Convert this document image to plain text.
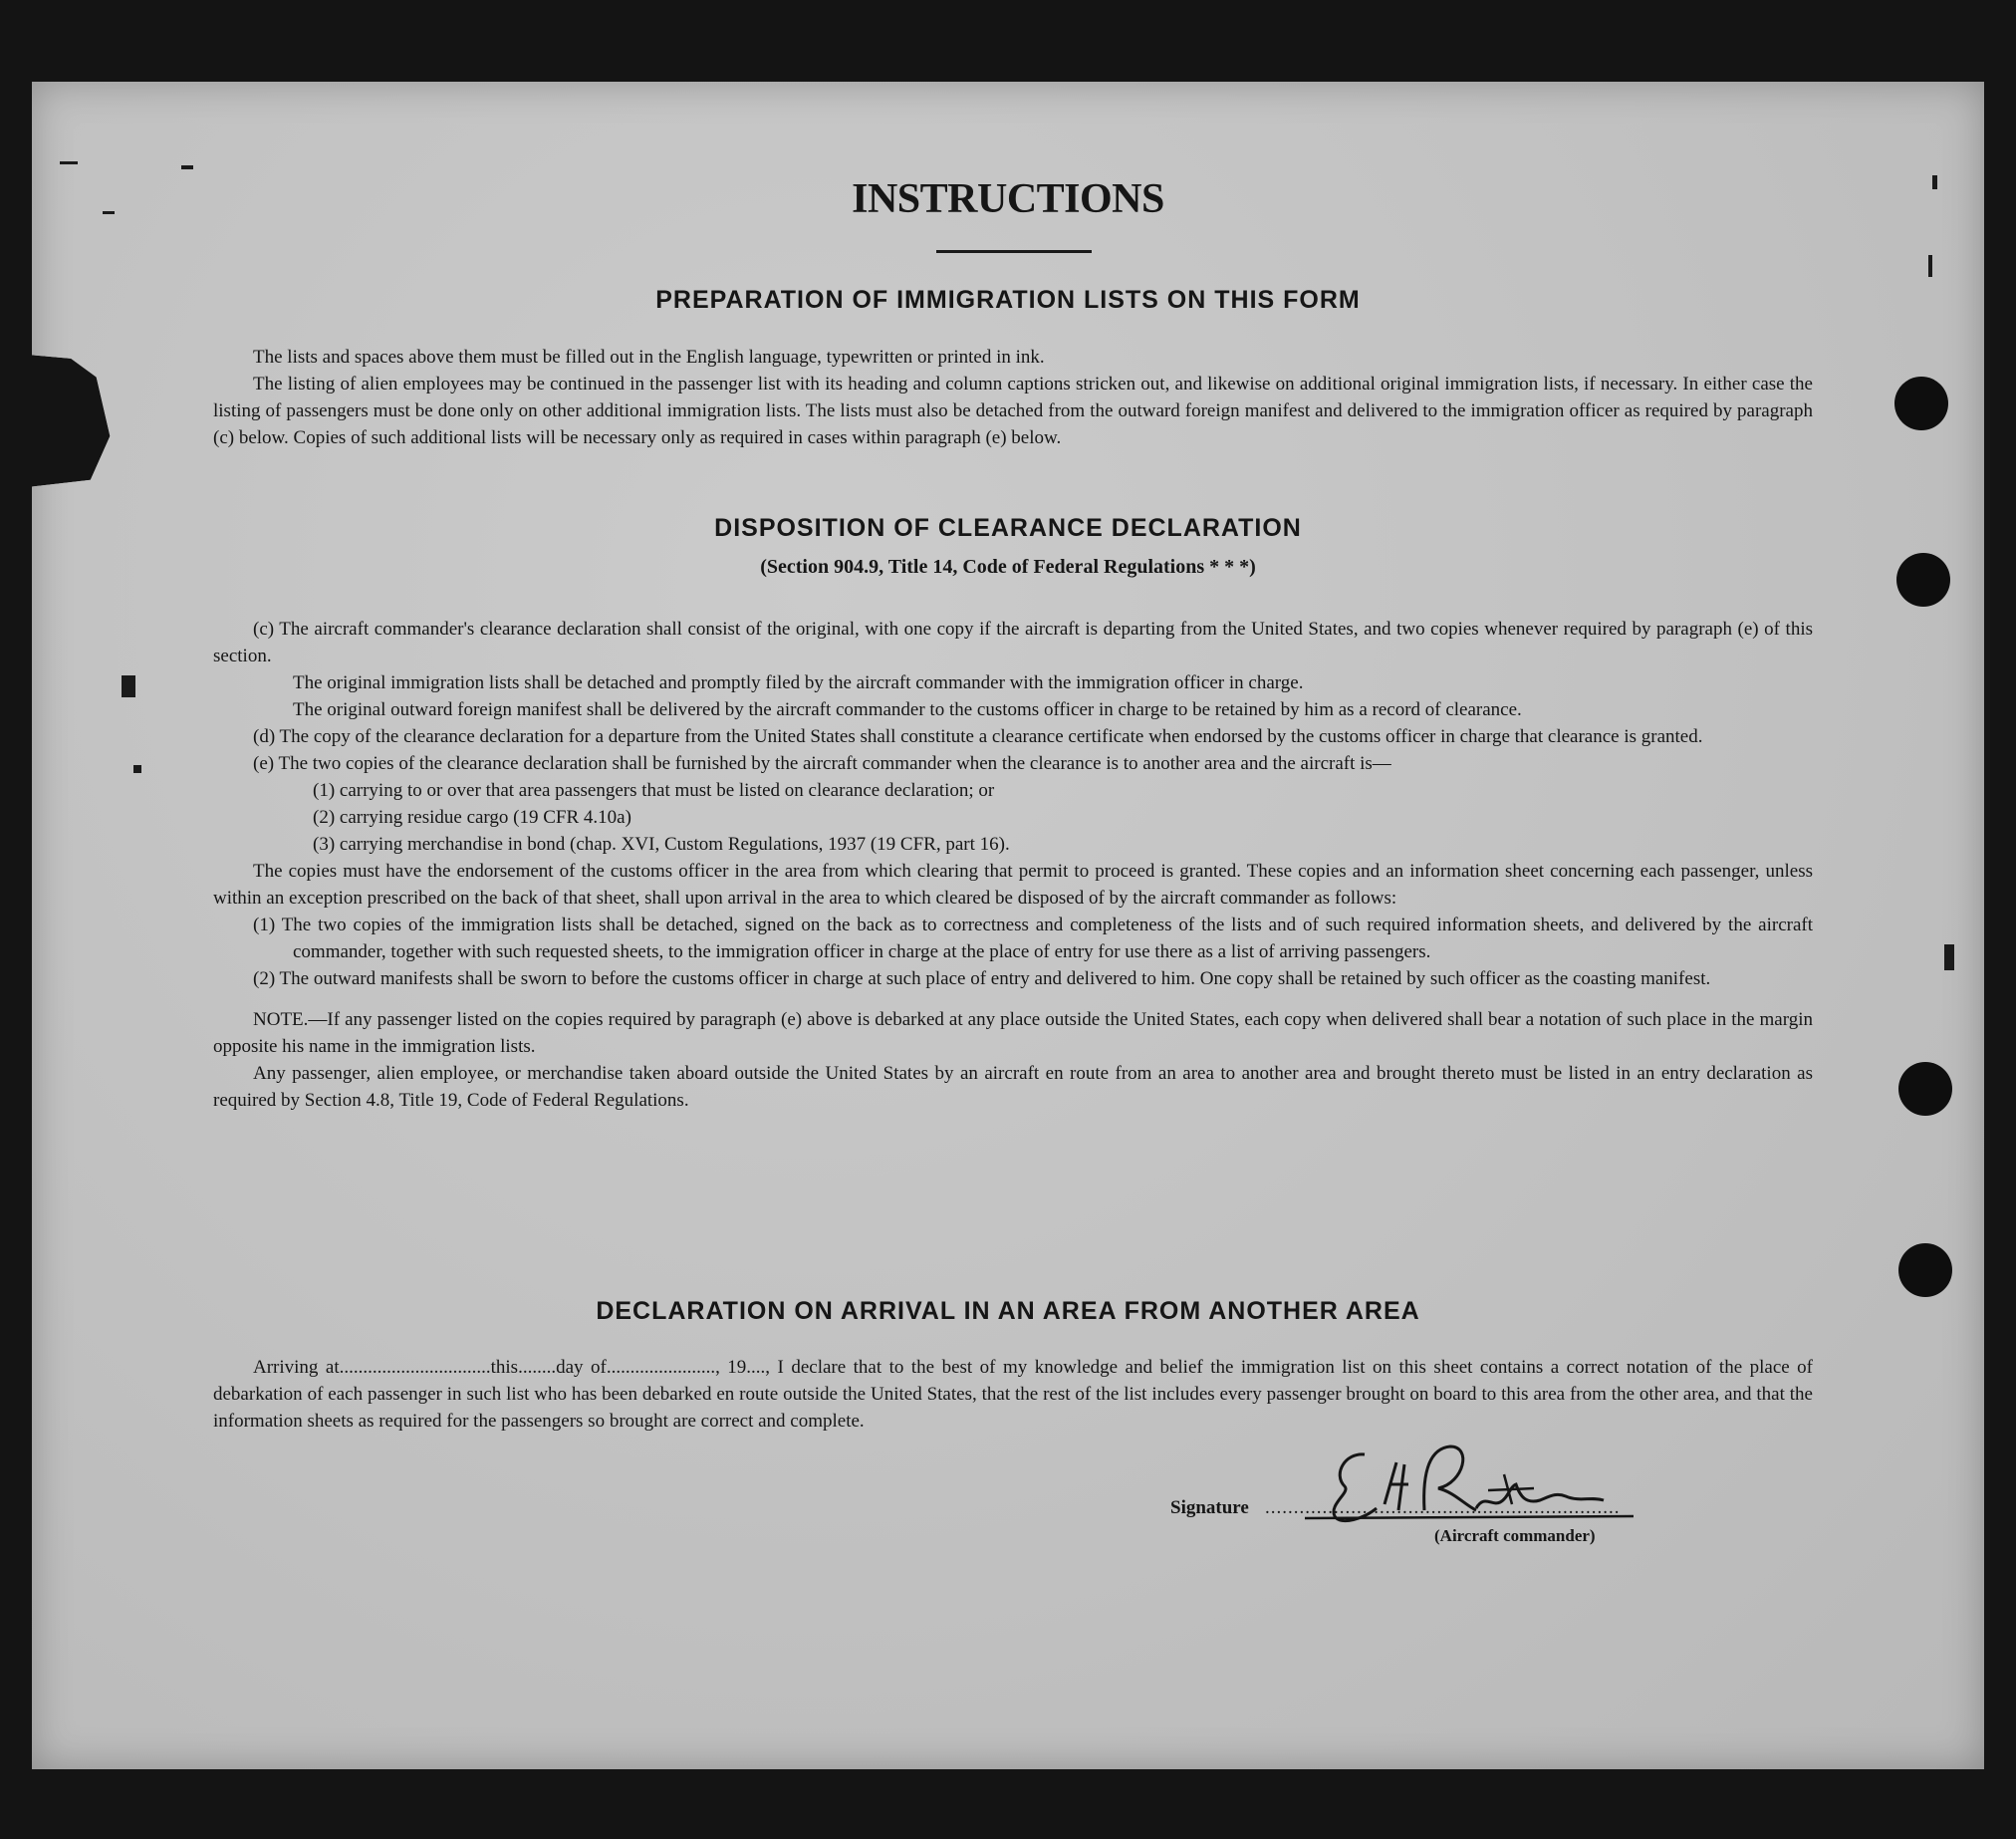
INSTRUCTIONS
PREPARATION OF IMMIGRATION LISTS ON THIS FORM

The lists and spaces above them must be filled out in the English language, typewritten or printed in ink.

The listing of alien employees may be continued in the passenger list with its heading and column captions stricken out, and likewise on additional original immigration lists, if necessary. In either case the listing of passengers must be done only on other additional immigration lists. The lists must also be detached from the outward foreign manifest and delivered to the immigration officer as required by paragraph (c) below. Copies of such additional lists will be necessary only as required in cases within paragraph (e) below.

DISPOSITION OF CLEARANCE DECLARATION
(Section 904.9, Title 14, Code of Federal Regulations * * *)

(c) The aircraft commander's clearance declaration shall consist of the original, with one copy if the aircraft is departing from the United States, and two copies whenever required by paragraph (e) of this section.

The original immigration lists shall be detached and promptly filed by the aircraft commander with the immigration officer in charge.

The original outward foreign manifest shall be delivered by the aircraft commander to the customs officer in charge to be retained by him as a record of clearance.

(d) The copy of the clearance declaration for a departure from the United States shall constitute a clearance certificate when endorsed by the customs officer in charge that clearance is granted.

(e) The two copies of the clearance declaration shall be furnished by the aircraft commander when the clearance is to another area and the aircraft is—

(1) carrying to or over that area passengers that must be listed on clearance declaration; or

(2) carrying residue cargo (19 CFR 4.10a)

(3) carrying merchandise in bond (chap. XVI, Custom Regulations, 1937 (19 CFR, part 16).

The copies must have the endorsement of the customs officer in the area from which clearing that permit to proceed is granted. These copies and an information sheet concerning each passenger, unless within an exception prescribed on the back of that sheet, shall upon arrival in the area to which cleared be disposed of by the aircraft commander as follows:

(1) The two copies of the immigration lists shall be detached, signed on the back as to correctness and completeness of the lists and of such required information sheets, and delivered by the aircraft commander, together with such requested sheets, to the immigration officer in charge at the place of entry for use there as a list of arriving passengers.

(2) The outward manifests shall be sworn to before the customs officer in charge at such place of entry and delivered to him. One copy shall be retained by such officer as the coasting manifest.

NOTE.—If any passenger listed on the copies required by paragraph (e) above is debarked at any place outside the United States, each copy when delivered shall bear a notation of such place in the margin opposite his name in the immigration lists.

Any passenger, alien employee, or merchandise taken aboard outside the United States by an aircraft en route from an area to another area and brought thereto must be listed in an entry declaration as required by Section 4.8, Title 19, Code of Federal Regulations.

DECLARATION ON ARRIVAL IN AN AREA FROM ANOTHER AREA

Arriving at................................this........day of......................., 19...., I declare that to the best of my knowledge and belief the immigration list on this sheet contains a correct notation of the place of debarkation of each passenger in such list who has been debarked en route outside the United States, that the rest of the list includes every passenger brought on board to this area from the other area, and that the information sheets as required for the passengers so brought are correct and complete.

Signature ..............................................................
(Aircraft commander)
